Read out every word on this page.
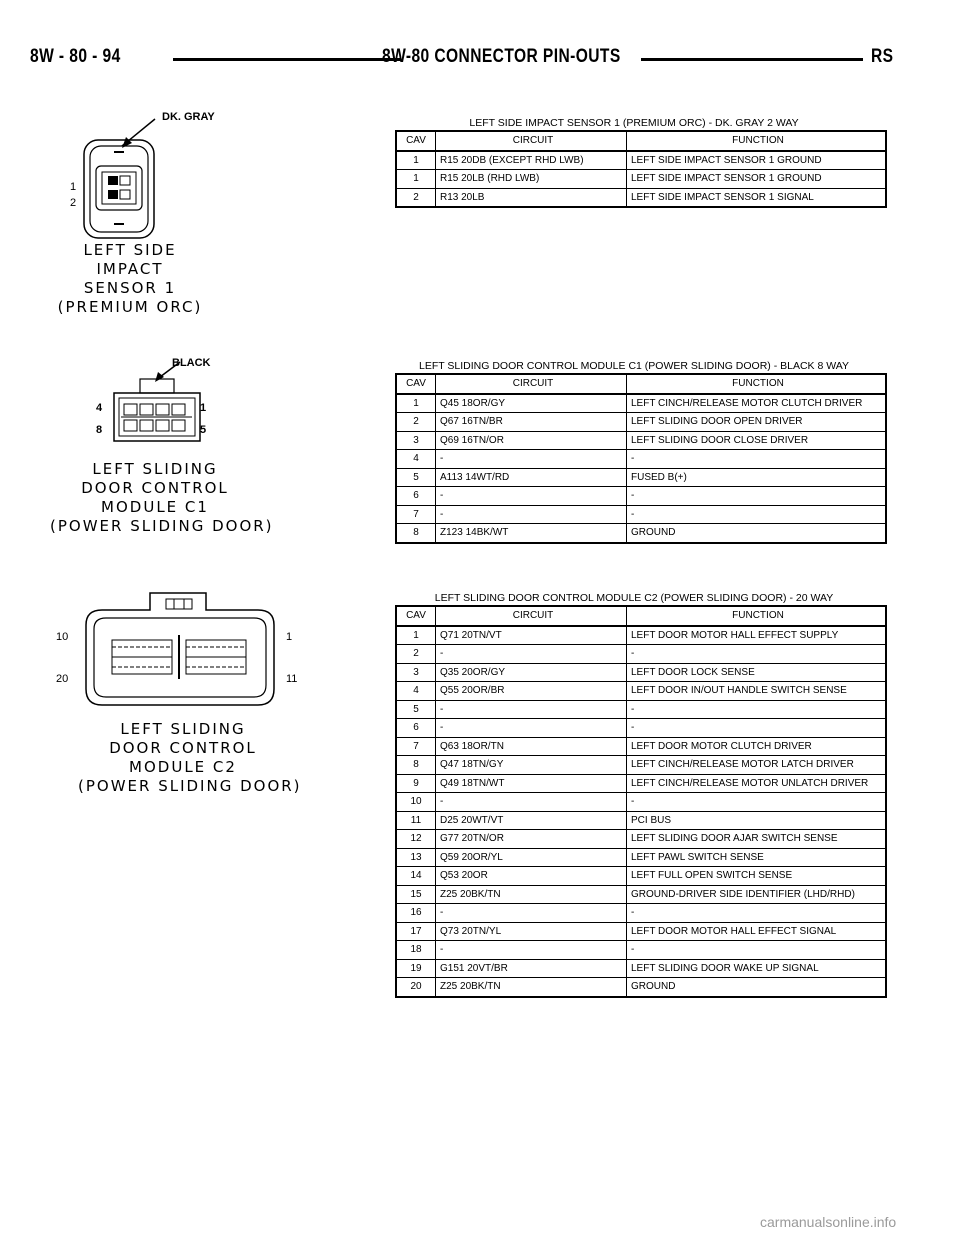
8W - 80 - 94	8W-80 CONNECTOR PIN-OUTS	RS
DK. GRAY
1
2
LEFT SIDE
IMPACT
SENSOR 1
(PREMIUM ORC)
BLACK
4	1
8	5
LEFT SLIDING
DOOR CONTROL
MODULE C1
(POWER SLIDING DOOR)
10	1
20	11
LEFT SLIDING
DOOR CONTROL
MODULE C2
(POWER SLIDING DOOR)
LEFT SIDE IMPACT SENSOR 1 (PREMIUM ORC) - DK. GRAY 2 WAY
CAV	CIRCUIT	FUNCTION
1	R15 20DB (EXCEPT RHD LWB)	LEFT SIDE IMPACT SENSOR 1 GROUND
1	R15 20LB (RHD LWB)	LEFT SIDE IMPACT SENSOR 1 GROUND
2	R13 20LB	LEFT SIDE IMPACT SENSOR 1 SIGNAL
LEFT SLIDING DOOR CONTROL MODULE C1 (POWER SLIDING DOOR) - BLACK 8 WAY
CAV	CIRCUIT	FUNCTION
1	Q45 18OR/GY	LEFT CINCH/RELEASE MOTOR CLUTCH DRIVER
2	Q67 16TN/BR	LEFT SLIDING DOOR OPEN DRIVER
3	Q69 16TN/OR	LEFT SLIDING DOOR CLOSE DRIVER
4	-	-
5	A113 14WT/RD	FUSED B(+)
6	-	-
7	-	-
8	Z123 14BK/WT	GROUND
LEFT SLIDING DOOR CONTROL MODULE C2 (POWER SLIDING DOOR) - 20 WAY
CAV	CIRCUIT	FUNCTION
1	Q71 20TN/VT	LEFT DOOR MOTOR HALL EFFECT SUPPLY
2	-	-
3	Q35 20OR/GY	LEFT DOOR LOCK SENSE
4	Q55 20OR/BR	LEFT DOOR IN/OUT HANDLE SWITCH SENSE
5	-	-
6	-	-
7	Q63 18OR/TN	LEFT DOOR MOTOR CLUTCH DRIVER
8	Q47 18TN/GY	LEFT CINCH/RELEASE MOTOR LATCH DRIVER
9	Q49 18TN/WT	LEFT CINCH/RELEASE MOTOR UNLATCH DRIVER
10	-	-
11	D25 20WT/VT	PCI BUS
12	G77 20TN/OR	LEFT SLIDING DOOR AJAR SWITCH SENSE
13	Q59 20OR/YL	LEFT PAWL SWITCH SENSE
14	Q53 20OR	LEFT FULL OPEN SWITCH SENSE
15	Z25 20BK/TN	GROUND-DRIVER SIDE IDENTIFIER (LHD/RHD)
16	-	-
17	Q73 20TN/YL	LEFT DOOR MOTOR HALL EFFECT SIGNAL
18	-	-
19	G151 20VT/BR	LEFT SLIDING DOOR WAKE UP SIGNAL
20	Z25 20BK/TN	GROUND
carmanualsonline.info
